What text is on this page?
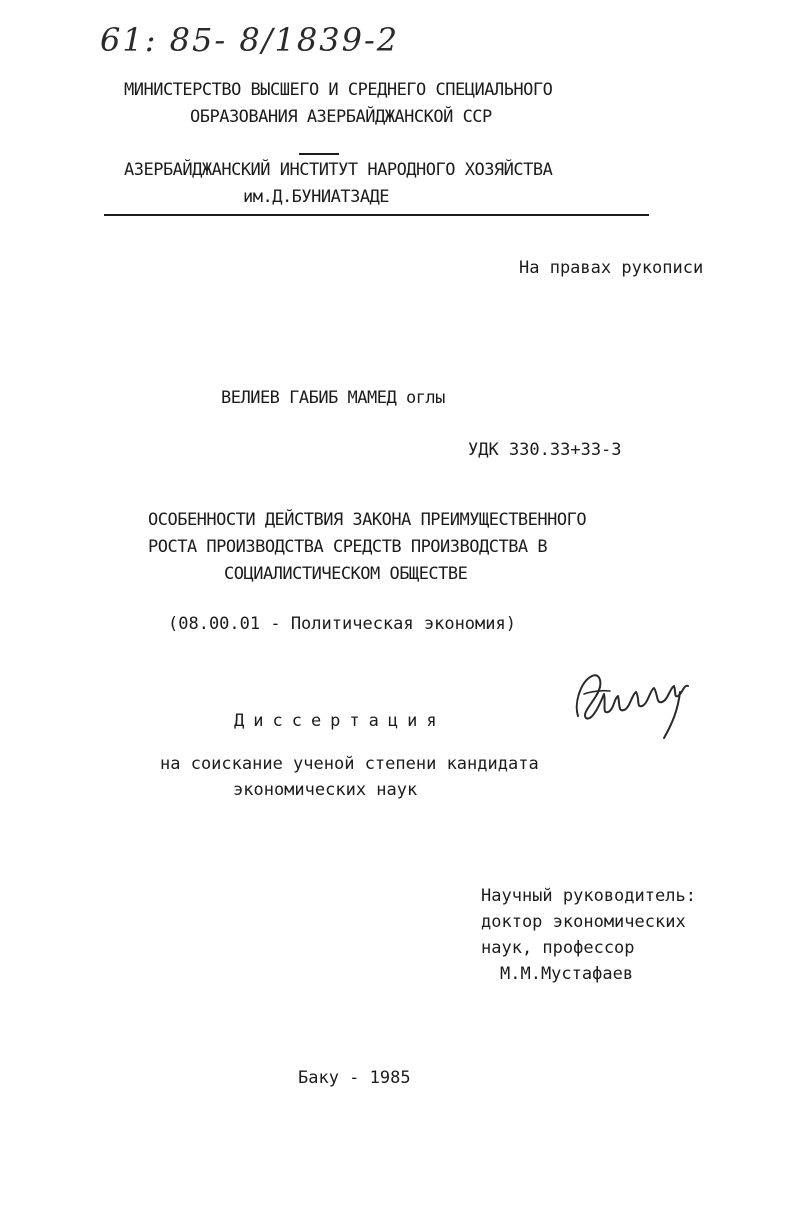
61: 85- 8/1839-2
МИНИСТЕРСТВО ВЫСШЕГО И СРЕДНЕГО СПЕЦИАЛЬНОГО
ОБРАЗОВАНИЯ АЗЕРБАЙДЖАНСКОЙ ССР
АЗЕРБАЙДЖАНСКИЙ ИНСТИТУТ НАРОДНОГО ХОЗЯЙСТВА
им.Д.БУНИАТЗАДЕ
На правах рукописи
ВЕЛИЕВ ГАБИБ МАМЕД оглы
УДК 330.33+33-3
ОСОБЕННОСТИ ДЕЙСТВИЯ ЗАКОНА ПРЕИМУЩЕСТВЕННОГО
РОСТА ПРОИЗВОДСТВА СРЕДСТВ ПРОИЗВОДСТВА В
СОЦИАЛИСТИЧЕСКОМ ОБЩЕСТВЕ
(08.00.01 - Политическая экономия)
Диссертация
на соискание ученой степени кандидата
экономических наук
Научный руководитель:
доктор экономических
наук, профессор
М.М.Мустафаев
Баку - 1985
